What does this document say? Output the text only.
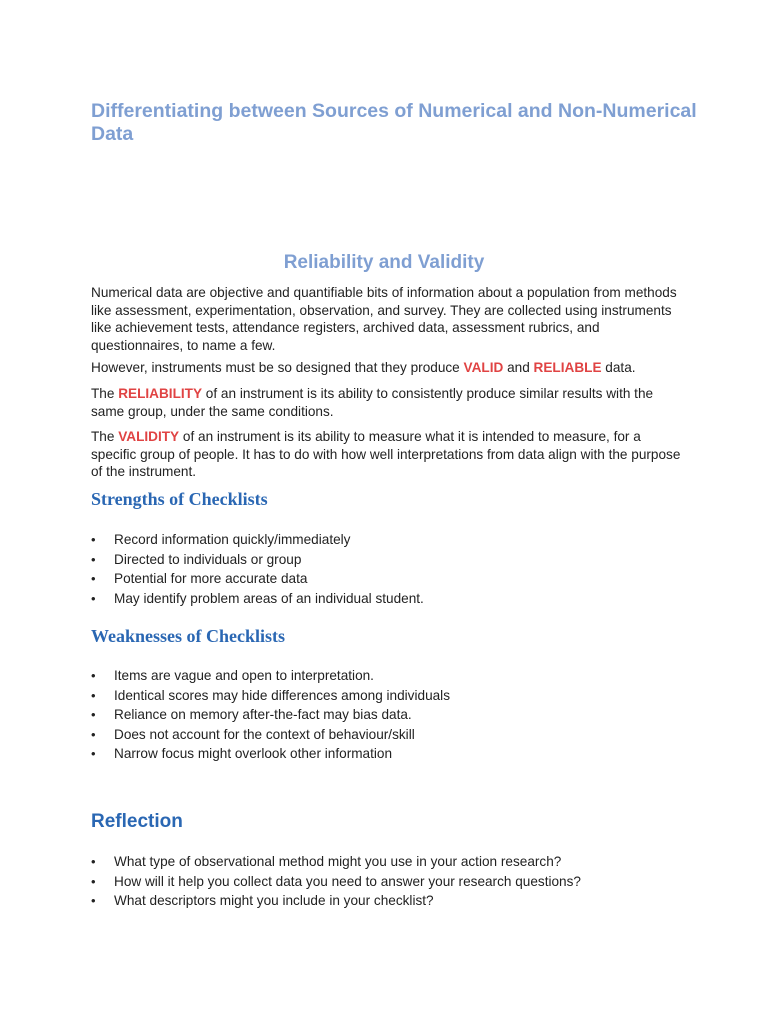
Differentiating between Sources of Numerical and Non-Numerical Data
Reliability and Validity

Numerical data are objective and quantifiable bits of information about a population from methods like assessment, experimentation, observation, and survey. They are collected using instruments like achievement tests, attendance registers, archived data, assessment rubrics, and questionnaires, to name a few.

However, instruments must be so designed that they produce VALID and RELIABLE data.

The RELIABILITY of an instrument is its ability to consistently produce similar results with the same group, under the same conditions.

The VALIDITY of an instrument is its ability to measure what it is intended to measure, for a specific group of people. It has to do with how well interpretations from data align with the purpose of the instrument.

Strengths of Checklists
• Record information quickly/immediately
• Directed to individuals or group
• Potential for more accurate data
• May identify problem areas of an individual student.
Weaknesses of Checklists
• Items are vague and open to interpretation.
• Identical scores may hide differences among individuals
• Reliance on memory after-the-fact may bias data.
• Does not account for the context of behaviour/skill
• Narrow focus might overlook other information
Reflection
• What type of observational method might you use in your action research?
• How will it help you collect data you need to answer your research questions?
• What descriptors might you include in your checklist?
